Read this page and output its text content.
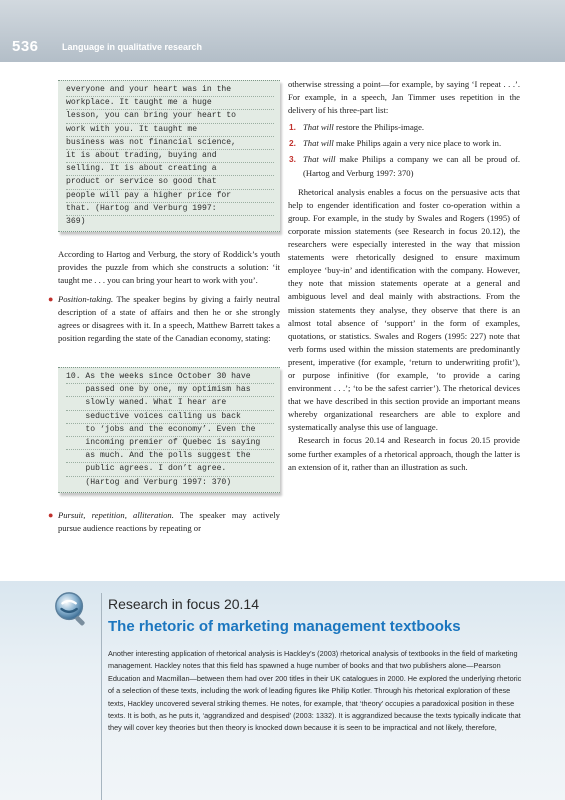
536	Language in qualitative research
everyone and your heart was in the
workplace. It taught me a huge
lesson, you can bring your heart to
work with you. It taught me
business was not financial science,
it is about trading, buying and
selling. It is about creating a
product or service so good that
people will pay a higher price for
that. (Hartog and Verburg 1997:
369)

According to Hartog and Verburg, the story of Roddick’s youth provides the puzzle from which she constructs a solution: ‘it taught me . . . you can bring your heart to work with you’.

● Position-taking. The speaker begins by giving a fairly neutral description of a state of affairs and then he or she strongly agrees or disagrees with it. In a speech, Matthew Barrett takes a position regarding the state of the Canadian economy, stating:

10. As the weeks since October 30 have
passed one by one, my optimism has
slowly waned. What I hear are
seductive voices calling us back
to ‘jobs and the economy’. Even the
incoming premier of Quebec is saying
as much. And the polls suggest the
public agrees. I don’t agree.
(Hartog and Verburg 1997: 370)

● Pursuit, repetition, alliteration. The speaker may actively pursue audience reactions by repeating or

otherwise stressing a point—for example, by saying ‘I repeat . . .’. For example, in a speech, Jan Timmer uses repetition in the delivery of his three-part list:

1. That will restore the Philips-image.
2. That will make Philips again a very nice place to work in.
3. That will make Philips a company we can all be proud of. (Hartog and Verburg 1997: 370)

Rhetorical analysis enables a focus on the persuasive acts that help to engender identification and foster co-operation within a group. For example, in the study by Swales and Rogers (1995) of corporate mission statements (see Research in focus 20.12), the researchers were especially interested in the way that mission statements were rhetorically designed to ensure maximum employee ‘buy-in’ and identification with the company. However, they note that mission statements operate at a general and ambiguous level and deal mainly with abstractions. From the mission statements they analyse, they observe that there is an almost total absence of ‘support’ in the form of examples, quotations, or statistics. Swales and Rogers (1995: 227) note that verb forms used within the mission statements are predominantly present, imperative (for example, ‘return to underwriting profit’), or purpose infinitive (for example, ‘to provide a caring environment . . .’; ‘to be the safest carrier’). The rhetorical devices that we have described in this section provide an important means whereby organizational researchers are able to explore and systematically analyse this use of language.

Research in focus 20.14 and Research in focus 20.15 provide some further examples of a rhetorical approach, though the latter is an extension of it, rather than an illustration as such.

Research in focus 20.14
The rhetoric of marketing management textbooks

Another interesting application of rhetorical analysis is Hackley’s (2003) rhetorical analysis of textbooks in the field of marketing management. Hackley notes that this field has spawned a huge number of books and that two publishers alone—Pearson Education and Macmillan—between them had over 200 titles in their UK catalogues in 2000. He explored the underlying rhetoric of a selection of these texts, including the work of leading figures like Philip Kotler. Through his rhetorical exploration of these texts, Hackley uncovered several striking themes. He notes, for example, that ‘theory’ occupies a paradoxical position in these texts. It is both, as he puts it, ‘aggrandized and despised’ (2003: 1332). It is aggrandized because the texts typically indicate that they will cover key theories but then theory is knocked down because it is seen to be impractical and not likely, therefore,
